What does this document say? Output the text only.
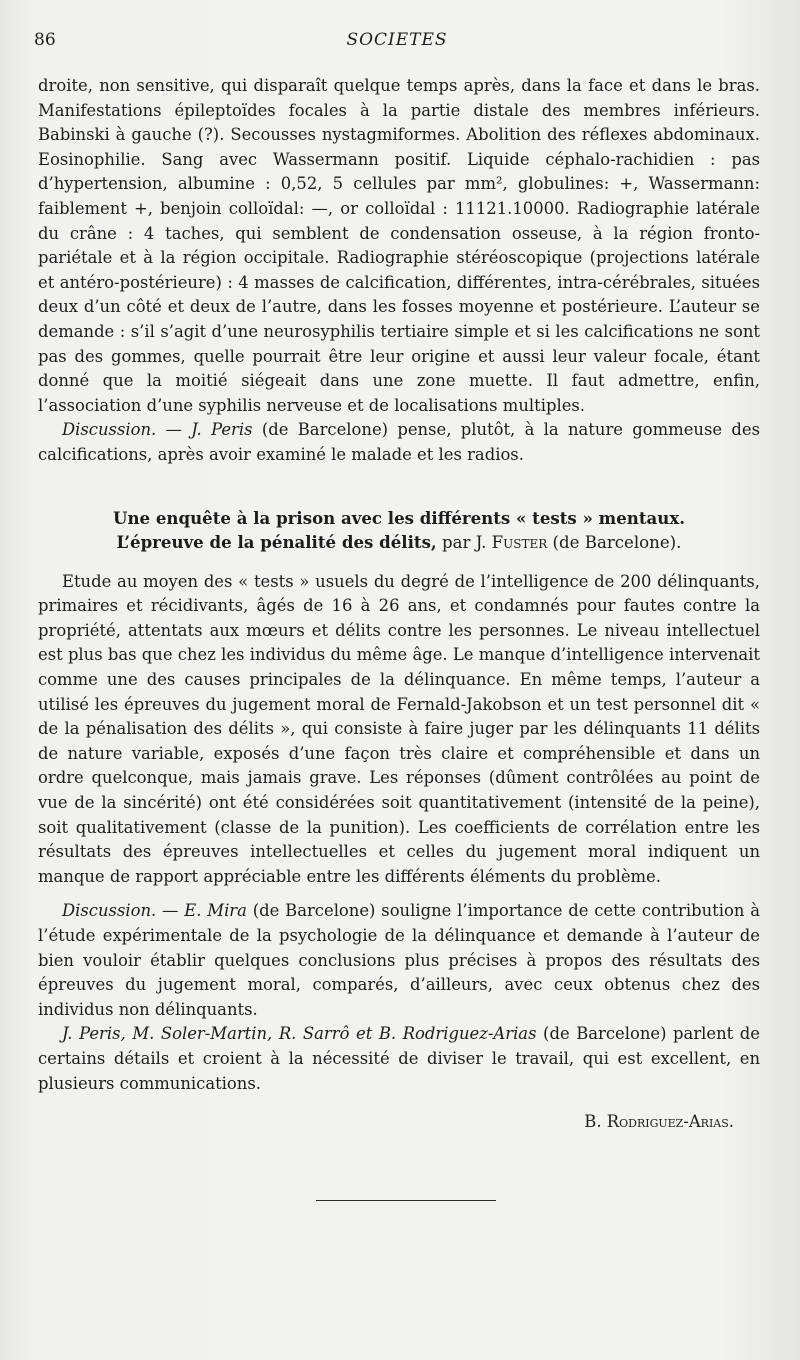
86	SOCIETES

droite, non sensitive, qui disparaît quelque temps après, dans la face et dans le bras. Manifestations épileptoïdes focales à la partie distale des membres inférieurs. Babinski à gauche (?). Secousses nystagmiformes. Abolition des réflexes abdominaux. Eosinophilie. Sang avec Wassermann positif. Liquide céphalo-rachidien : pas d’hypertension, albumine : 0,52, 5 cellules par mm², globulines: +, Wassermann: faiblement +, benjoin colloïdal: —, or colloïdal : 11121.10000. Radiographie latérale du crâne : 4 taches, qui semblent de condensation osseuse, à la région fronto-pariétale et à la région occipitale. Radiographie stéréoscopique (projections latérale et antéro-postérieure) : 4 masses de calcification, différentes, intra-cérébrales, situées deux d’un côté et deux de l’autre, dans les fosses moyenne et postérieure. L’auteur se demande : s’il s’agit d’une neurosyphilis tertiaire simple et si les calcifications ne sont pas des gommes, quelle pourrait être leur origine et aussi leur valeur focale, étant donné que la moitié siégeait dans une zone muette. Il faut admettre, enfin, l’association d’une syphilis nerveuse et de localisations multiples.

Discussion. — J. Peris (de Barcelone) pense, plutôt, à la nature gommeuse des calcifications, après avoir examiné le malade et les radios.

Une enquête à la prison avec les différents « tests » mentaux.
L’épreuve de la pénalité des délits, par J. Fuster (de Barcelone).

Etude au moyen des « tests » usuels du degré de l’intelligence de 200 délinquants, primaires et récidivants, âgés de 16 à 26 ans, et condamnés pour fautes contre la propriété, attentats aux mœurs et délits contre les personnes. Le niveau intellectuel est plus bas que chez les individus du même âge. Le manque d’intelligence intervenait comme une des causes principales de la délinquance. En même temps, l’auteur a utilisé les épreuves du jugement moral de Fernald-Jakobson et un test personnel dit « de la pénalisation des délits », qui consiste à faire juger par les délinquants 11 délits de nature variable, exposés d’une façon très claire et compréhensible et dans un ordre quelconque, mais jamais grave. Les réponses (dûment contrôlées au point de vue de la sincérité) ont été considérées soit quantitativement (intensité de la peine), soit qualitativement (classe de la punition). Les coefficients de corrélation entre les résultats des épreuves intellectuelles et celles du jugement moral indiquent un manque de rapport appréciable entre les différents éléments du problème.

Discussion. — E. Mira (de Barcelone) souligne l’importance de cette contribution à l’étude expérimentale de la psychologie de la délinquance et demande à l’auteur de bien vouloir établir quelques conclusions plus précises à propos des résultats des épreuves du jugement moral, comparés, d’ailleurs, avec ceux obtenus chez des individus non délinquants.

J. Peris, M. Soler-Martin, R. Sarrô et B. Rodriguez-Arias (de Barcelone) parlent de certains détails et croient à la nécessité de diviser le travail, qui est excellent, en plusieurs communications.

B. Rodriguez-Arias.
